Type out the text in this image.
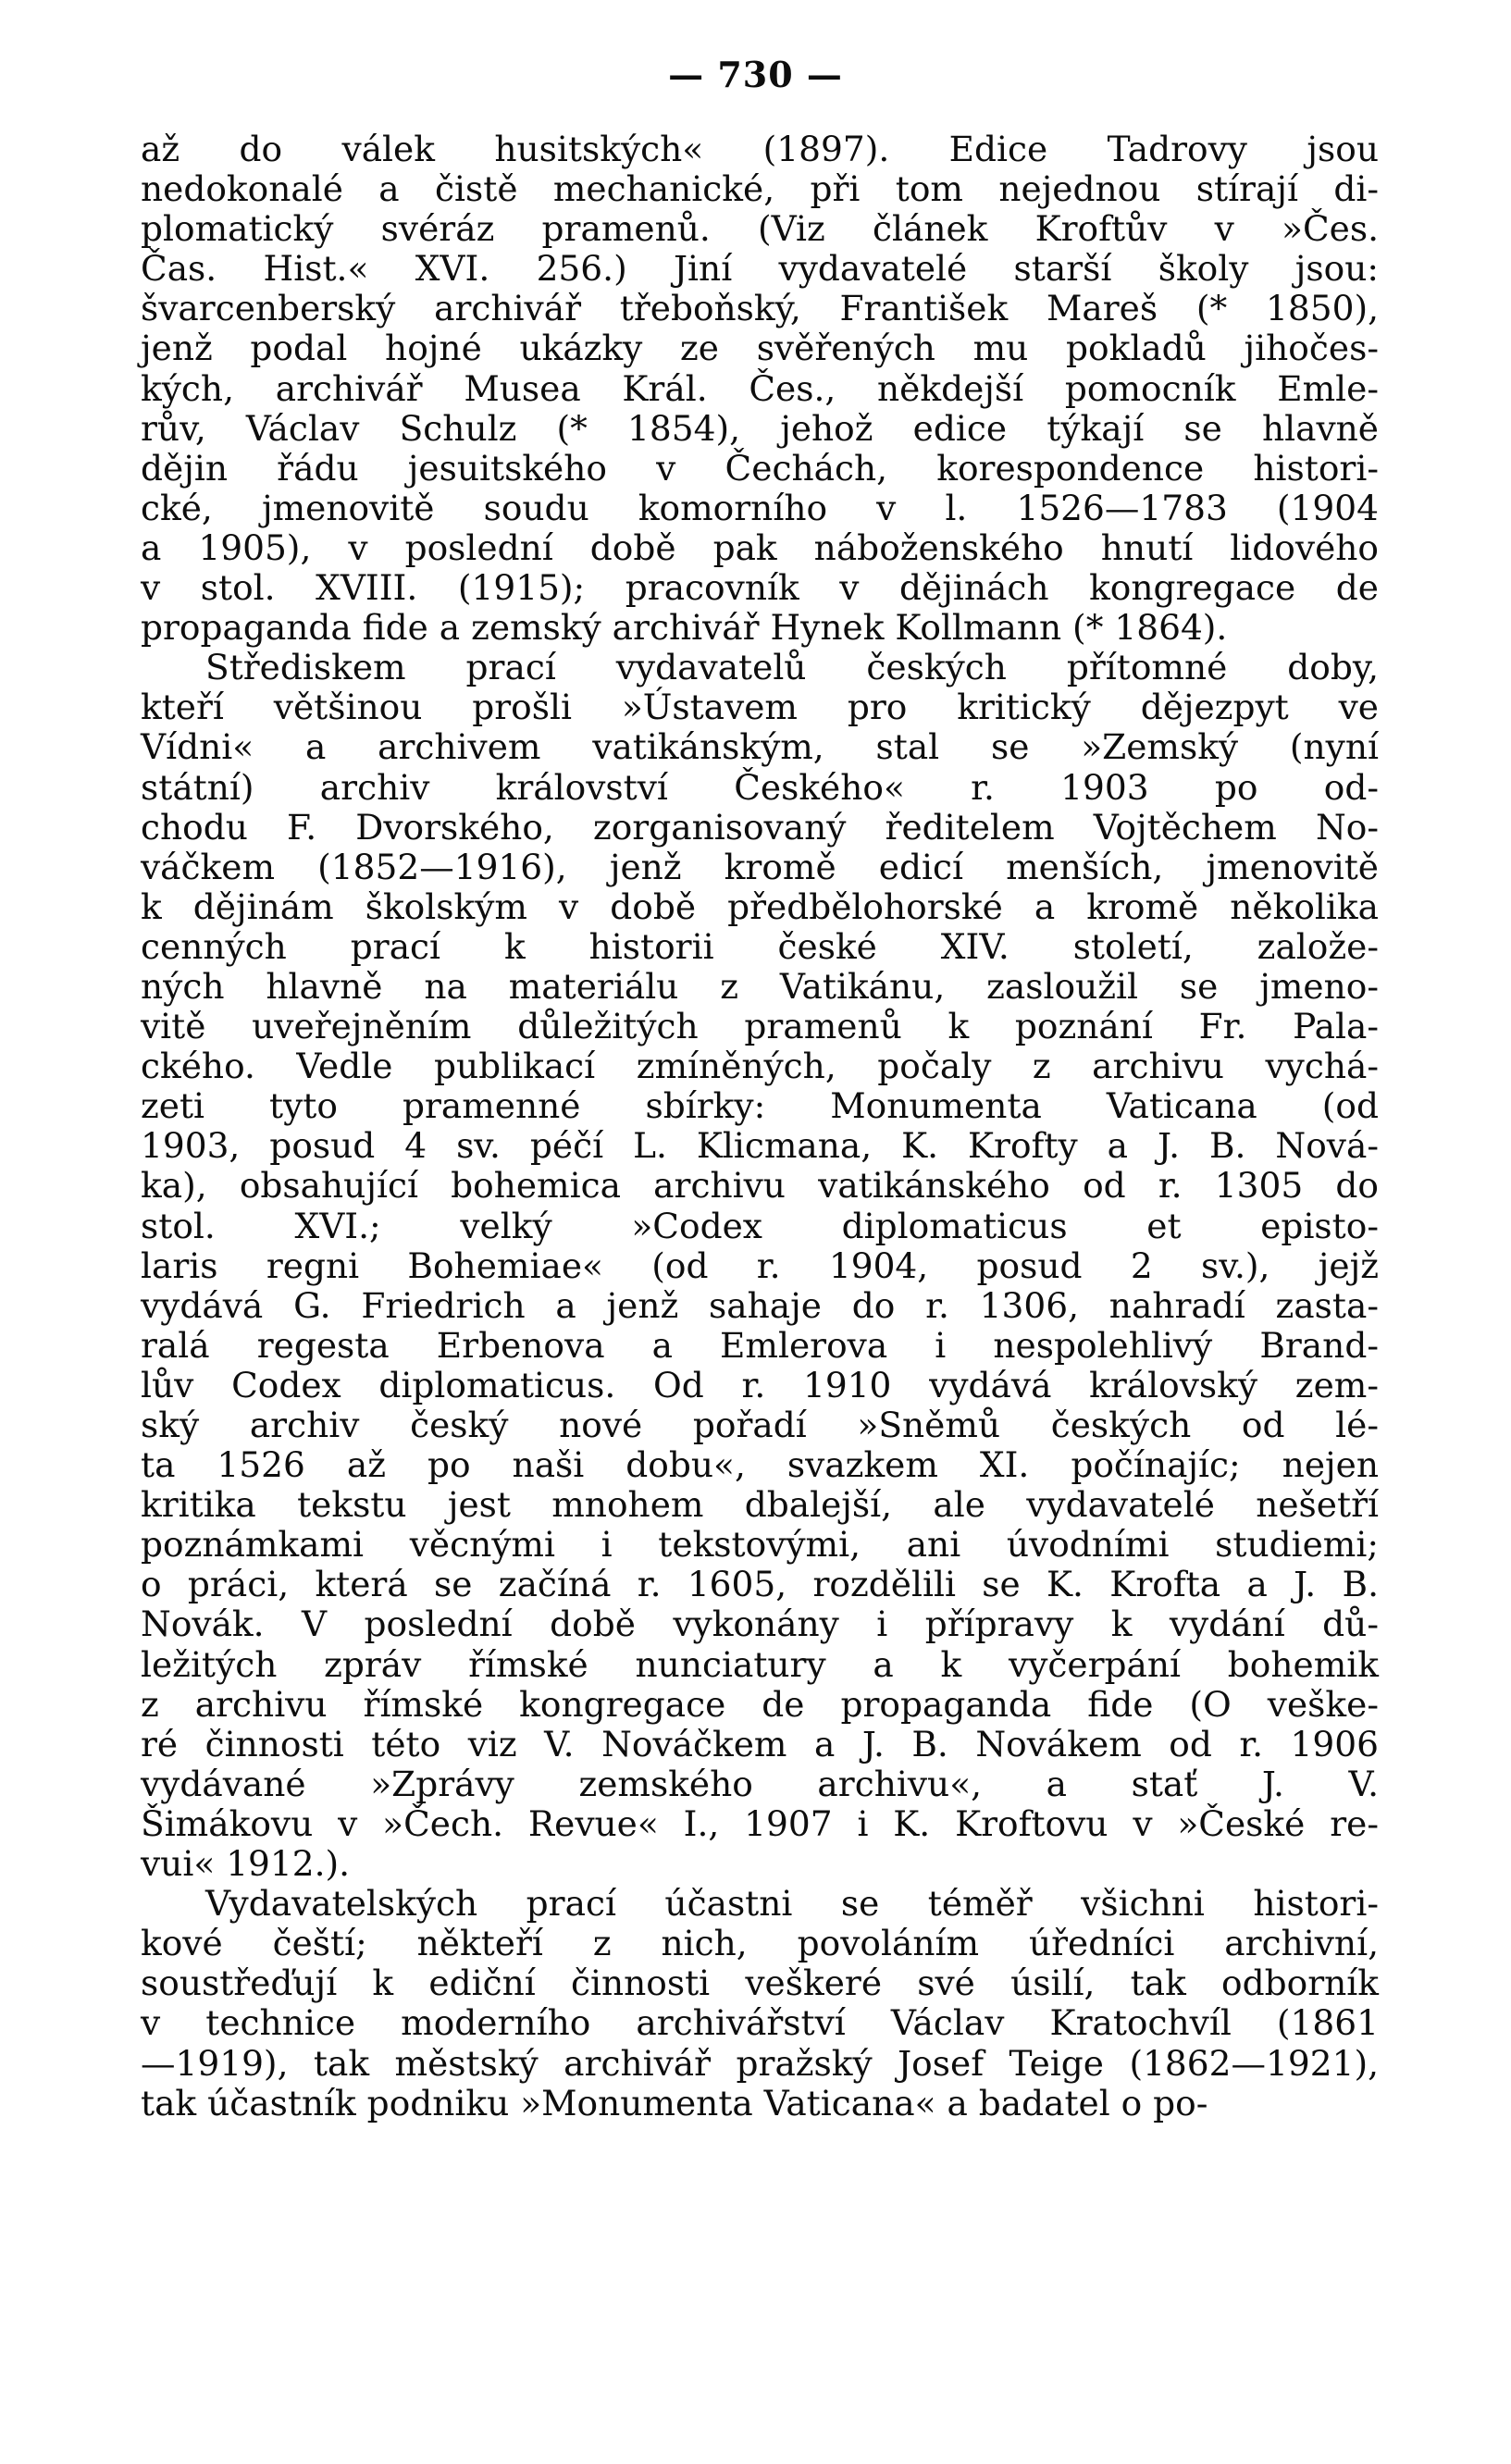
— 730 —
až do válek husitských« (1897). Edice Tadrovy jsou
nedokonalé a čistě mechanické, při tom nejednou stírají di-
plomatický svéráz pramenů. (Viz článek Kroftův v »Čes.
Čas. Hist.« XVI. 256.) Jiní vydavatelé starší školy jsou:
švarcenberský archivář třeboňský, František Mareš (* 1850),
jenž podal hojné ukázky ze svěřených mu pokladů jihočes-
kých, archivář Musea Král. Čes., někdejší pomocník Emle-
rův, Václav Schulz (* 1854), jehož edice týkají se hlavně
dějin řádu jesuitského v Čechách, korespondence histori-
cké, jmenovitě soudu komorního v l. 1526—1783 (1904
a 1905), v poslední době pak náboženského hnutí lidového
v stol. XVIII. (1915); pracovník v dějinách kongregace de
propaganda fide a zemský archivář Hynek Kollmann (* 1864).
Střediskem prací vydavatelů českých přítomné doby,
kteří většinou prošli »Ústavem pro kritický dějezpyt ve
Vídni« a archivem vatikánským, stal se »Zemský (nyní
státní) archiv království Českého« r. 1903 po od-
chodu F. Dvorského, zorganisovaný ředitelem Vojtěchem No-
váčkem (1852—1916), jenž kromě edicí menších, jmenovitě
k dějinám školským v době předbělohorské a kromě několika
cenných prací k historii české XIV. století, založe-
ných hlavně na materiálu z Vatikánu, zasloužil se jmeno-
vitě uveřejněním důležitých pramenů k poznání Fr. Pala-
ckého. Vedle publikací zmíněných, počaly z archivu vychá-
zeti tyto pramenné sbírky: Monumenta Vaticana (od
1903, posud 4 sv. péčí L. Klicmana, K. Krofty a J. B. Nová-
ka), obsahující bohemica archivu vatikánského od r. 1305 do
stol. XVI.; velký »Codex diplomaticus et episto-
laris regni Bohemiae« (od r. 1904, posud 2 sv.), jejž
vydává G. Friedrich a jenž sahaje do r. 1306, nahradí zasta-
ralá regesta Erbenova a Emlerova i nespolehlivý Brand-
lův Codex diplomaticus. Od r. 1910 vydává královský zem-
ský archiv český nové pořadí »Sněmů českých od lé-
ta 1526 až po naši dobu«, svazkem XI. počínajíc; nejen
kritika tekstu jest mnohem dbalejší, ale vydavatelé nešetří
poznámkami věcnými i tekstovými, ani úvodními studiemi;
o práci, která se začíná r. 1605, rozdělili se K. Krofta a J. B.
Novák. V poslední době vykonány i přípravy k vydání dů-
ležitých zpráv římské nunciatury a k vyčerpání bohemik
z archivu římské kongregace de propaganda fide (O veške-
ré činnosti této viz V. Nováčkem a J. B. Novákem od r. 1906
vydávané »Zprávy zemského archivu«, a stať J. V.
Šimákovu v »Čech. Revue« I., 1907 i K. Kroftovu v »České re-
vui« 1912.).
Vydavatelských prací účastni se téměř všichni histori-
kové čeští; někteří z nich, povoláním úředníci archivní,
soustřeďují k ediční činnosti veškeré své úsilí, tak odborník
v technice moderního archivářství Václav Kratochvíl (1861
—1919), tak městský archivář pražský Josef Teige (1862—1921),
tak účastník podniku »Monumenta Vaticana« a badatel o po-
